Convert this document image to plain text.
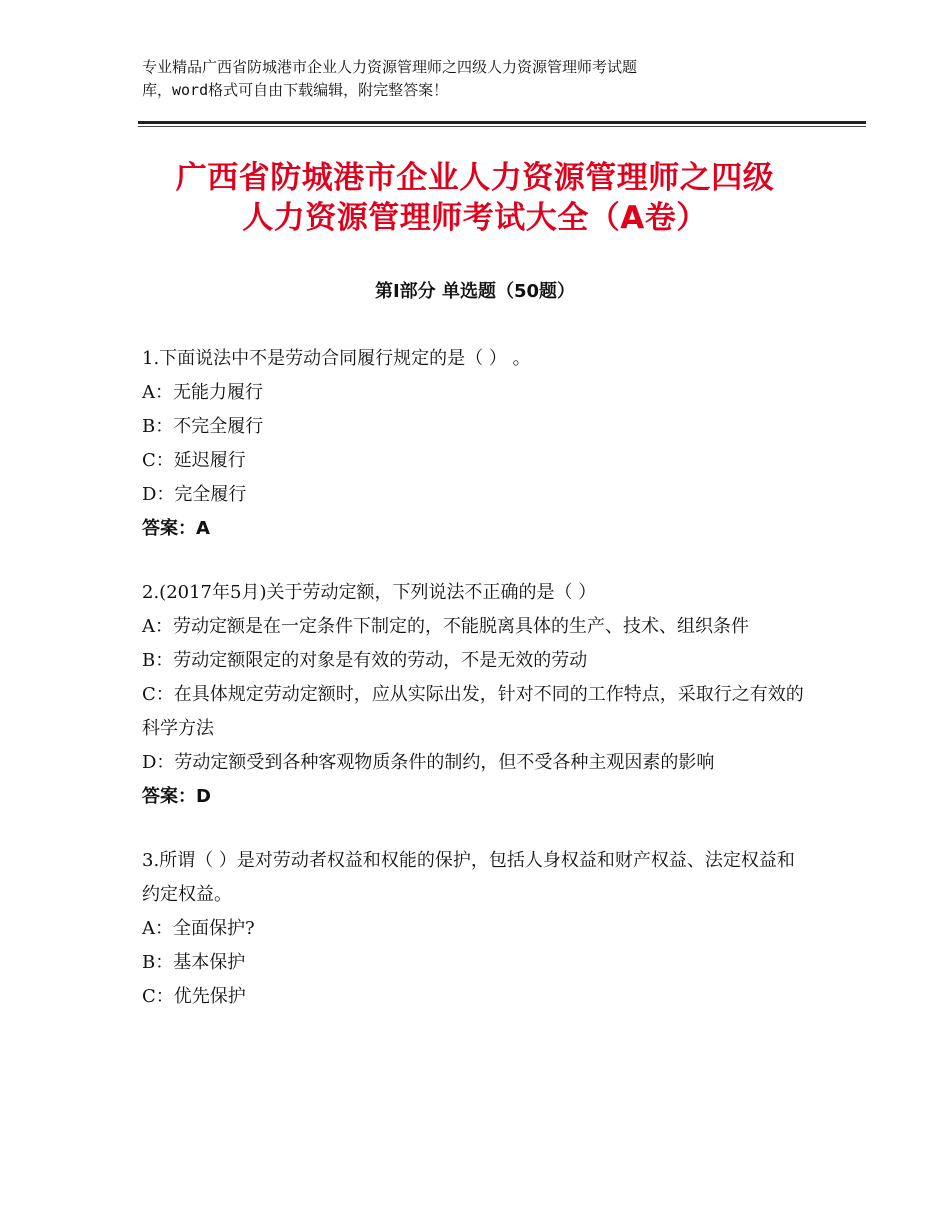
专业精品广西省防城港市企业人力资源管理师之四级人力资源管理师考试题
库，word格式可自由下载编辑，附完整答案！
广西省防城港市企业人力资源管理师之四级
人力资源管理师考试大全（A卷）
第Ⅰ部分 单选题（50题）
1.下面说法中不是劳动合同履行规定的是（ ） 。
A：无能力履行
B：不完全履行
C：延迟履行
D：完全履行
答案：A
2.(2017年5月)关于劳动定额，下列说法不正确的是（ ）
A：劳动定额是在一定条件下制定的，不能脱离具体的生产、技术、组织条件
B：劳动定额限定的对象是有效的劳动，不是无效的劳动
C：在具体规定劳动定额时，应从实际出发，针对不同的工作特点，采取行之有效的科学方法
D：劳动定额受到各种客观物质条件的制约，但不受各种主观因素的影响
答案：D
3.所谓（ ）是对劳动者权益和权能的保护，包括人身权益和财产权益、法定权益和约定权益。
A：全面保护?
B：基本保护
C：优先保护
